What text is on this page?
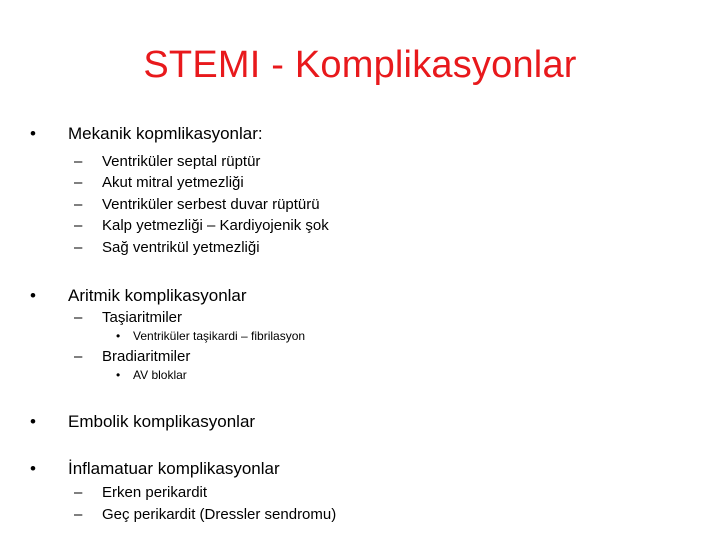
STEMI - Komplikasyonlar
• Mekanik kopmlikasyonlar:
– Ventriküler septal rüptür
– Akut mitral yetmezliği
– Ventriküler serbest duvar rüptürü
– Kalp yetmezliği – Kardiyojenik şok
– Sağ ventrikül yetmezliği
• Aritmik komplikasyonlar
– Taşiaritmiler
• Ventriküler taşikardi – fibrilasyon
– Bradiaritmiler
• AV bloklar
• Embolik komplikasyonlar
• İnflamatuar komplikasyonlar
– Erken perikardit
– Geç perikardit (Dressler sendromu)
